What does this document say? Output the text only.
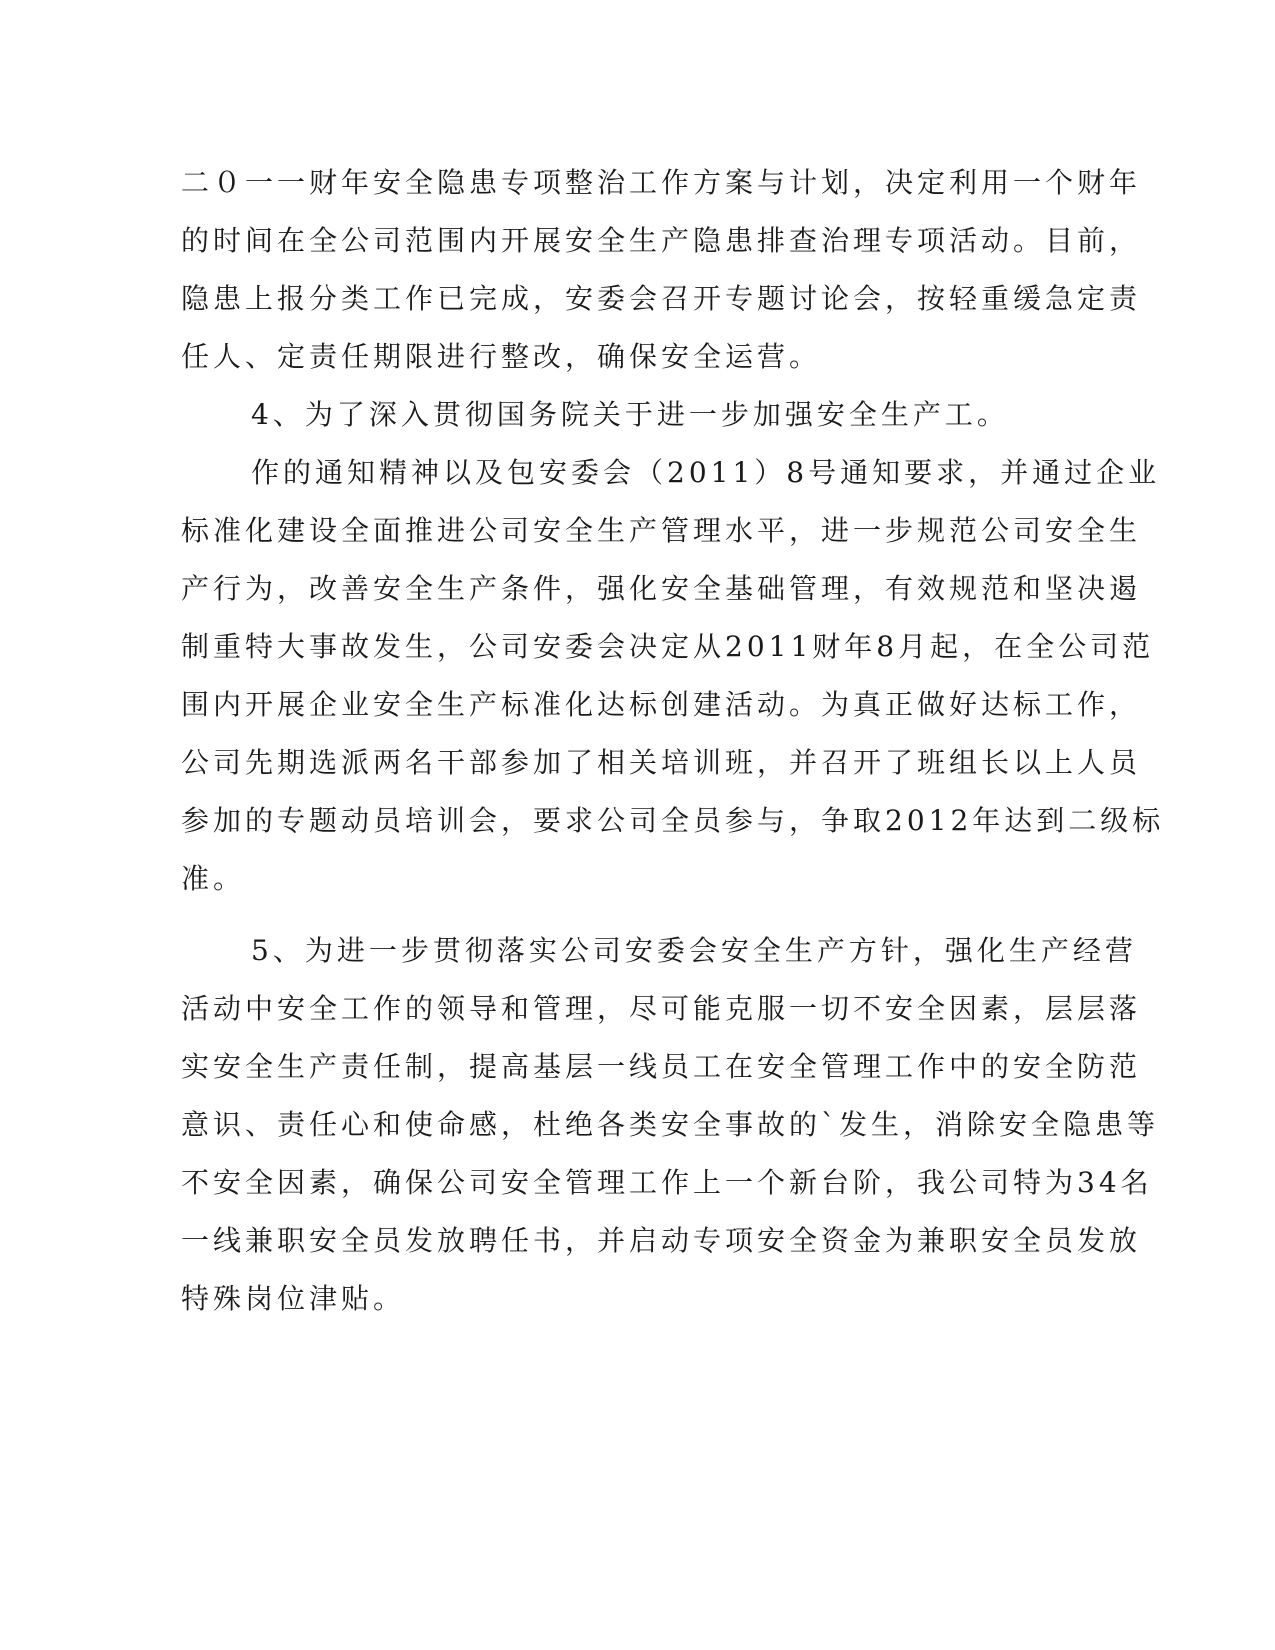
二０一一财年安全隐患专项整治工作方案与计划，决定利用一个财年
的时间在全公司范围内开展安全生产隐患排查治理专项活动。目前，
隐患上报分类工作已完成，安委会召开专题讨论会，按轻重缓急定责
任人、定责任期限进行整改，确保安全运营。
4、为了深入贯彻国务院关于进一步加强安全生产工。
作的通知精神以及包安委会（2011）8号通知要求，并通过企业
标准化建设全面推进公司安全生产管理水平，进一步规范公司安全生
产行为，改善安全生产条件，强化安全基础管理，有效规范和坚决遏
制重特大事故发生，公司安委会决定从2011财年8月起，在全公司范
围内开展企业安全生产标准化达标创建活动。为真正做好达标工作，
公司先期选派两名干部参加了相关培训班，并召开了班组长以上人员
参加的专题动员培训会，要求公司全员参与，争取2012年达到二级标
准。
5、为进一步贯彻落实公司安委会安全生产方针，强化生产经营
活动中安全工作的领导和管理，尽可能克服一切不安全因素，层层落
实安全生产责任制，提高基层一线员工在安全管理工作中的安全防范
意识、责任心和使命感，杜绝各类安全事故的`发生，消除安全隐患等
不安全因素，确保公司安全管理工作上一个新台阶，我公司特为34名
一线兼职安全员发放聘任书，并启动专项安全资金为兼职安全员发放
特殊岗位津贴。
